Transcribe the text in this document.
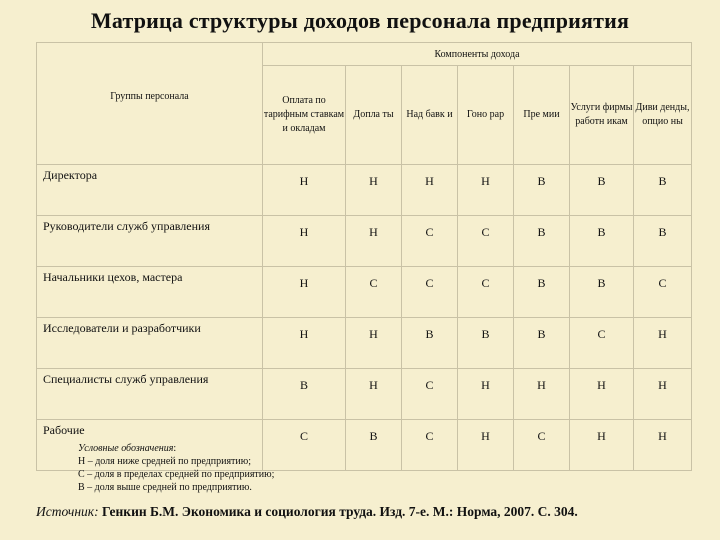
Матрица структуры доходов персонала предприятия
Группы персонала	Компоненты дохода						
	Оплата по тарифным ставкам и окладам	Допла ты	Над бавк и	Гоно рар	Пре мии	Услуги фирмы работн икам	Диви денды, опцио ны
Директора	Н	Н	Н	Н	В	В	В
Руководители служб управления	Н	Н	С	С	В	В	В
Начальники цехов, мастера	Н	С	С	С	В	В	С
Исследователи и разработчики	Н	Н	В	В	В	С	Н
Специалисты служб управления	В	Н	С	Н	Н	Н	Н
Рабочие	С	В	С	Н	С	Н	Н
Условные обозначения:
Н – доля ниже средней по предприятию;
С – доля в пределах средней по предприятию;
В – доля выше средней по предприятию.
Источник: Генкин Б.М. Экономика и социология труда. Изд. 7-е. М.: Норма, 2007. С. 304.
